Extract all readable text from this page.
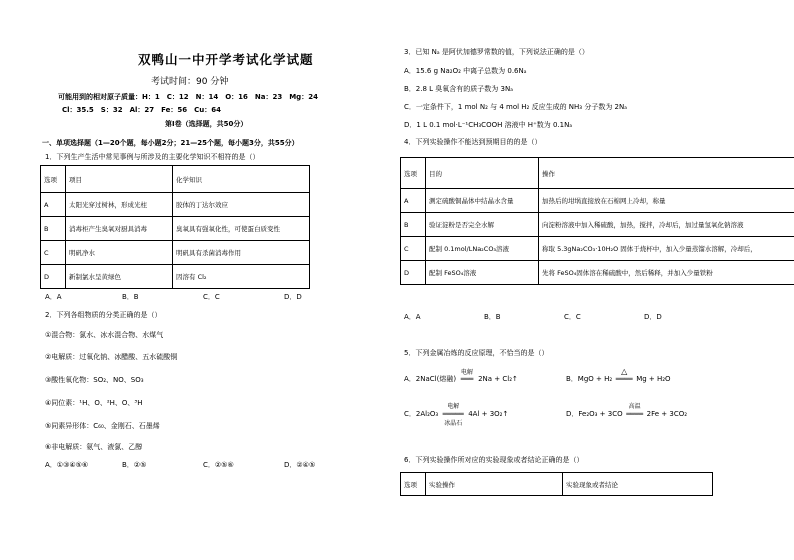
双鸭山一中开学考试化学试题
考试时间：90 分钟
可能用到的相对原子质量：H：1　C：12　N：14　O：16　Na：23　Mg：24
Cl：35.5　S：32　Al：27　Fe：56　Cu：64
第Ⅰ卷（选择题，共50分）
一、单项选择题（1—20个题，每小题2分；21—25个题，每小题3分，共55分）
1．下列生产生活中常见事例与所涉及的主要化学知识不相符的是（）
选项	项目	化学知识
A	太阳光穿过树林，形成光柱	胶体的丁达尔效应
B	消毒柜产生臭氧对厨具消毒	臭氧具有强氧化性，可使蛋白质变性
C	明矾净水	明矾具有杀菌消毒作用
D	新制氯水呈黄绿色	因溶有 Cl₂
A．A	B．B	C．C	D．D
2．下列各组物质的分类正确的是（）
①混合物：氯水、冰水混合物、水煤气
②电解质：过氧化钠、冰醋酸、五水硫酸铜
③酸性氧化物：SO₂、NO、SO₃
④同位素：¹H、O、²H、O、³H
⑤同素异形体：C₆₀、金刚石、石墨烯
⑥非电解质：氨气、液氯、乙醇
A．①③④⑤⑥	B．②⑤	C．②⑤⑥	D．②④⑤
3．已知 Nₐ 是阿伏加德罗常数的值，下列说法正确的是（）
A．15.6 g Na₂O₂ 中离子总数为 0.6Nₐ
B．2.8 L 臭氧含有的质子数为 3Nₐ
C．一定条件下，1 mol N₂ 与 4 mol H₂ 反应生成的 NH₃ 分子数为 2Nₐ
D．1 L 0.1 mol·L⁻¹CH₃COOH 溶液中 H⁺数为 0.1Nₐ
4．下列实验操作不能达到预期目的的是（）
选项	目的	操作
A	测定硫酸铜晶体中结晶水含量	加热后的坩埚直接放在石棉网上冷却，称量
B	验证淀粉是否完全水解	向淀粉溶液中加入稀硫酸，加热，搅拌，冷却后，加过量氢氧化钠溶液
C	配制 0.1mol/LNa₂CO₃溶液	称取 5.3gNa₂CO₃·10H₂O 固体于烧杯中，加入少量蒸馏水溶解，冷却后，
D	配制 FeSO₄溶液	先将 FeSO₄固体溶在稀硫酸中，然后稀释，并加入少量铁粉
A．A	B．B	C．C	D．D
5．下列金属冶炼的反应原理，不恰当的是（）
A．2NaCl(熔融)
电解
═══ 2Na + Cl₂↑	B．MgO + H₂
△
════ Mg + H₂O
C．2Al₂O₃
电解
═════
冰晶石
4Al + 3O₂↑	D．Fe₂O₃ + 3CO
高温
════ 2Fe + 3CO₂
6．下列实验操作所对应的实验现象或者结论正确的是（）
选项	实验操作	实验现象或者结论
